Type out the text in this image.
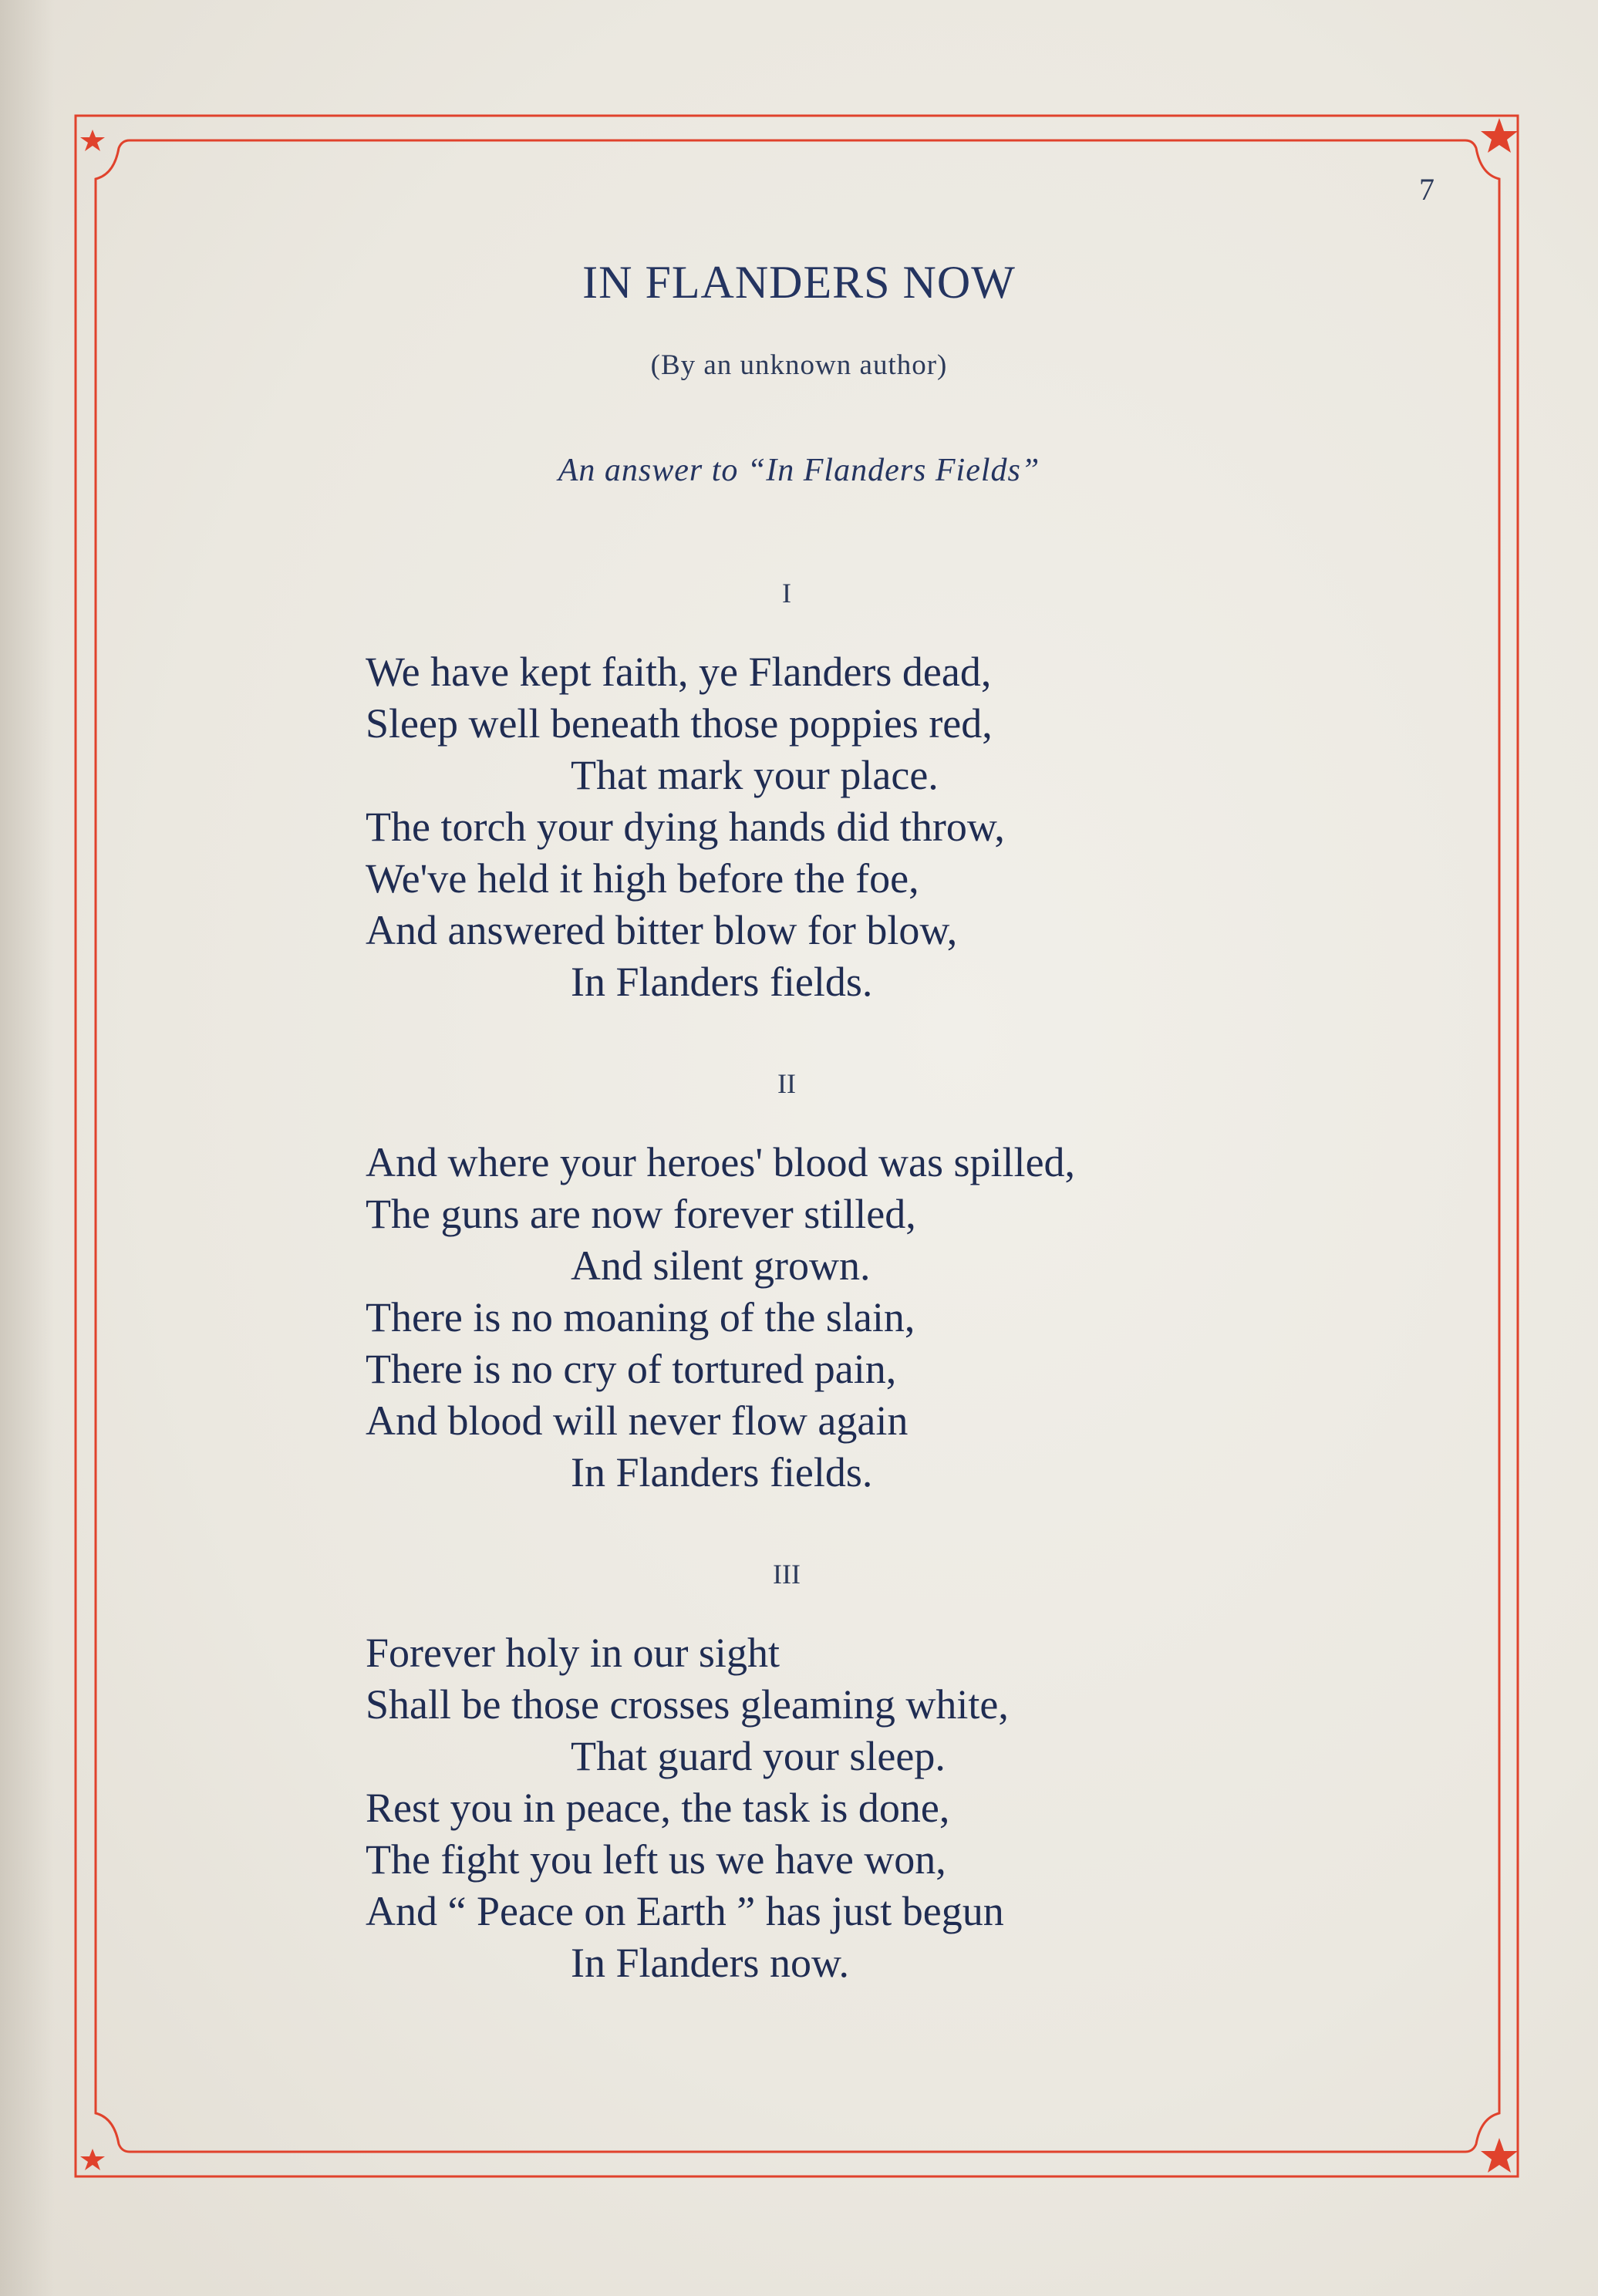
7
IN FLANDERS NOW
(By an unknown author)
An answer to “In Flanders Fields”
I
We have kept faith, ye Flanders dead,
Sleep well beneath those poppies red,
That mark your place.
The torch your dying hands did throw,
We've held it high before the foe,
And answered bitter blow for blow,
In Flanders fields.
II
And where your heroes' blood was spilled,
The guns are now forever stilled,
And silent grown.
There is no moaning of the slain,
There is no cry of tortured pain,
And blood will never flow again
In Flanders fields.
III
Forever holy in our sight
Shall be those crosses gleaming white,
That guard your sleep.
Rest you in peace, the task is done,
The fight you left us we have won,
And “ Peace on Earth ” has just begun
In Flanders now.
